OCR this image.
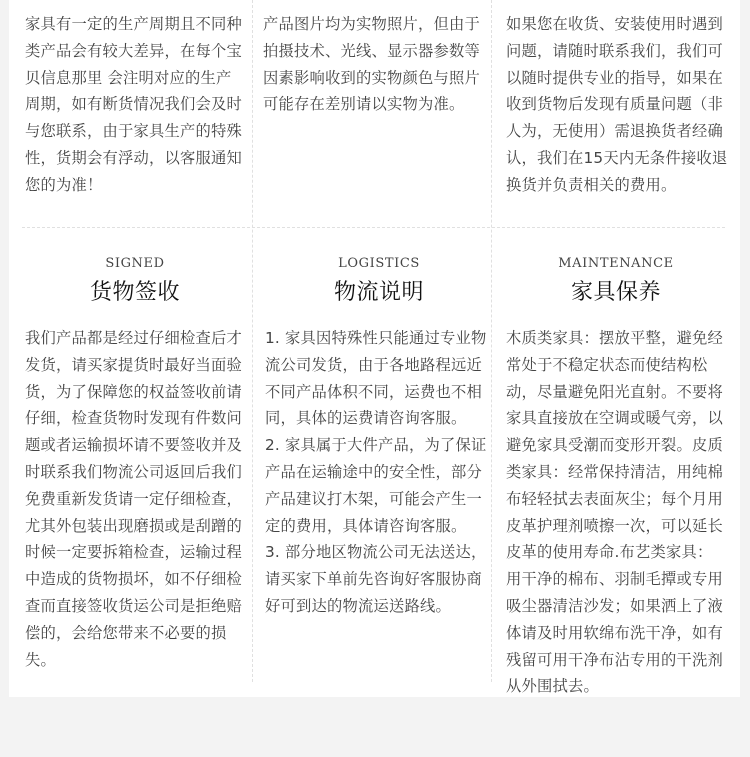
家具有一定的生产周期且不同种类产品会有较大差异，在每个宝贝信息那里 会注明对应的生产周期，如有断货情况我们会及时与您联系，由于家具生产的特殊性，货期会有浮动，以客服通知您的为准！

产品图片均为实物照片，但由于拍摄技术、光线、显示器参数等因素影响收到的实物颜色与照片可能存在差别请以实物为准。

如果您在收货、安装使用时遇到问题，请随时联系我们，我们可以随时提供专业的指导，如果在收到货物后发现有质量问题（非人为，无使用）需退换货者经确认，我们在15天内无条件接收退换货并负责相关的费用。

SIGNED
货物签收
LOGISTICS
物流说明
MAINTENANCE
家具保养

我们产品都是经过仔细检查后才发货，请买家提货时最好当面验货，为了保障您的权益签收前请仔细，检查货物时发现有件数问题或者运输损坏请不要签收并及时联系我们物流公司返回后我们免费重新发货请一定仔细检查，尤其外包装出现磨损或是刮蹭的时候一定要拆箱检查，运输过程中造成的货物损坏，如不仔细检查而直接签收货运公司是拒绝赔偿的，会给您带来不必要的损失。

1. 家具因特殊性只能通过专业物流公司发货，由于各地路程远近不同产品体积不同，运费也不相同，具体的运费请咨询客服。

2. 家具属于大件产品，为了保证产品在运输途中的安全性，部分产品建议打木架，可能会产生一定的费用，具体请咨询客服。

3. 部分地区物流公司无法送达，请买家下单前先咨询好客服协商好可到达的物流运送路线。

木质类家具：摆放平整，避免经常处于不稳定状态而使结构松动，尽量避免阳光直射。不要将家具直接放在空调或暖气旁，以避免家具受潮而变形开裂。皮质类家具：经常保持清洁，用纯棉布轻轻拭去表面灰尘；每个月用皮革护理剂喷擦一次，可以延长皮革的使用寿命.布艺类家具：用干净的棉布、羽制毛撢或专用吸尘器清洁沙发；如果洒上了液体请及时用软绵布洗干净，如有残留可用干净布沾专用的干洗剂从外围拭去。
